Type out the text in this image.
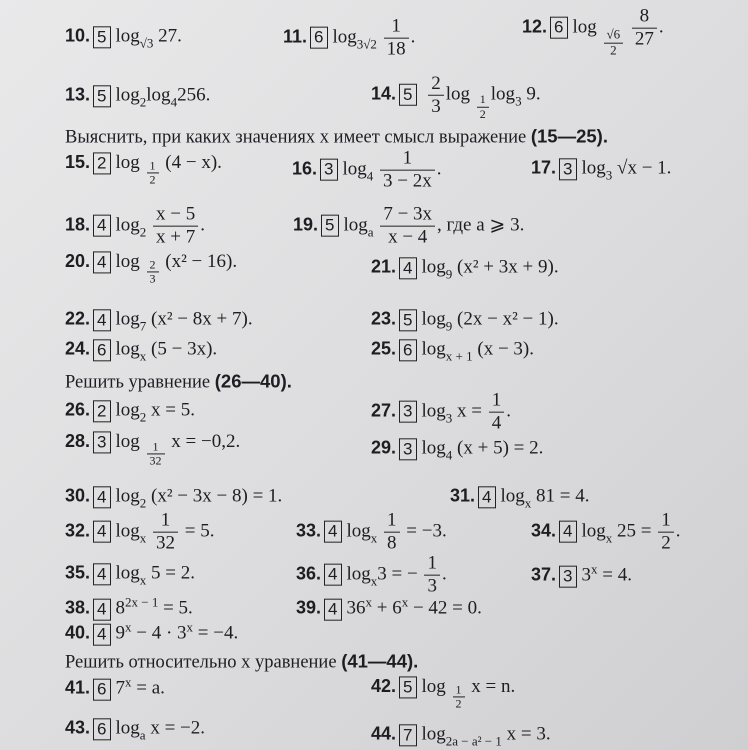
10. 5 $\log_{√3} 27$.	11. 6 $\log_{3√2} \frac{1}{18}$ .	12. 6 log
$\frac{√6}{2}$
$\frac{8}{27}$ .
13. 5 $\log_2\log_4256$.	14. $5 \frac{2}{3}$ $\log \frac{1}{2} \log_3 9$.
Выяснить, при каких значениях x имеет смысл выражение (15—25).
15. 2 $\log \frac{1}{2} (4 - x)$.	16. 3 $\log_4 \frac{1}{3 - 2x}$ .	17. 3 $\log_3 √x - 1$.
18. 4 $\log_2 \frac{x - 5}{x + 7}$ .	19. 5 $\log_a \frac{7 - 3x}{x - 4}$ , где a ⩾ 3.
20. 4 $\log \frac{2}{3} (x^2 - 16)$.	21. 4 $\log_9 (x^2 + 3x + 9)$.
22. 4 $\log_7 (x^2 - 8x + 7)$.	23. 5 $\log_9 (2x - x^2 - 1)$.
24. 6 $\log_x (5 - 3x)$.	25. 6 $\log_{x + 1} (x - 3)$.
Решить уравнение (26—40).
26. 2 $\log_2 x = 5$.	27. 3 $\log_3 x = \frac{1}{4}$ .
28. 3 $\log \frac{1}{32}$ x = −0,2.	29. 3 $\log_4 (x + 5) = 2$.
30. 4 $\log_2 (x^2 - 3x - 8) = 1$.	31. 4 $\log_x 81 = 4$.
32. 4 $\log_x \frac{1}{32} = 5$.	33. 4 $\log_x \frac{1}{8} = -3$.	34. 4 $\log_x 25 = \frac{1}{2}$ .
35. 4 $\log_x 5 = 2$.	36. 4 $\log_x3$ = − $\frac{1}{3}$ .	37. 3 $3^x = 4$.
38. 4 $8^{2x - 1} = 5$.	39. 4 $36^x + 6^x - 42 = 0$.
40. 4 $9^x - 4 \cdot 3^x = -4$.
Решить относительно x уравнение (41—44).
41. 6 $7^x = a$.	42. 5 $\log \frac{1}{2}$ x = n.
43. 6 $\log_a x = -2$.	44. 7 $\log_{2a - a^2 - 1} x = 3$.
